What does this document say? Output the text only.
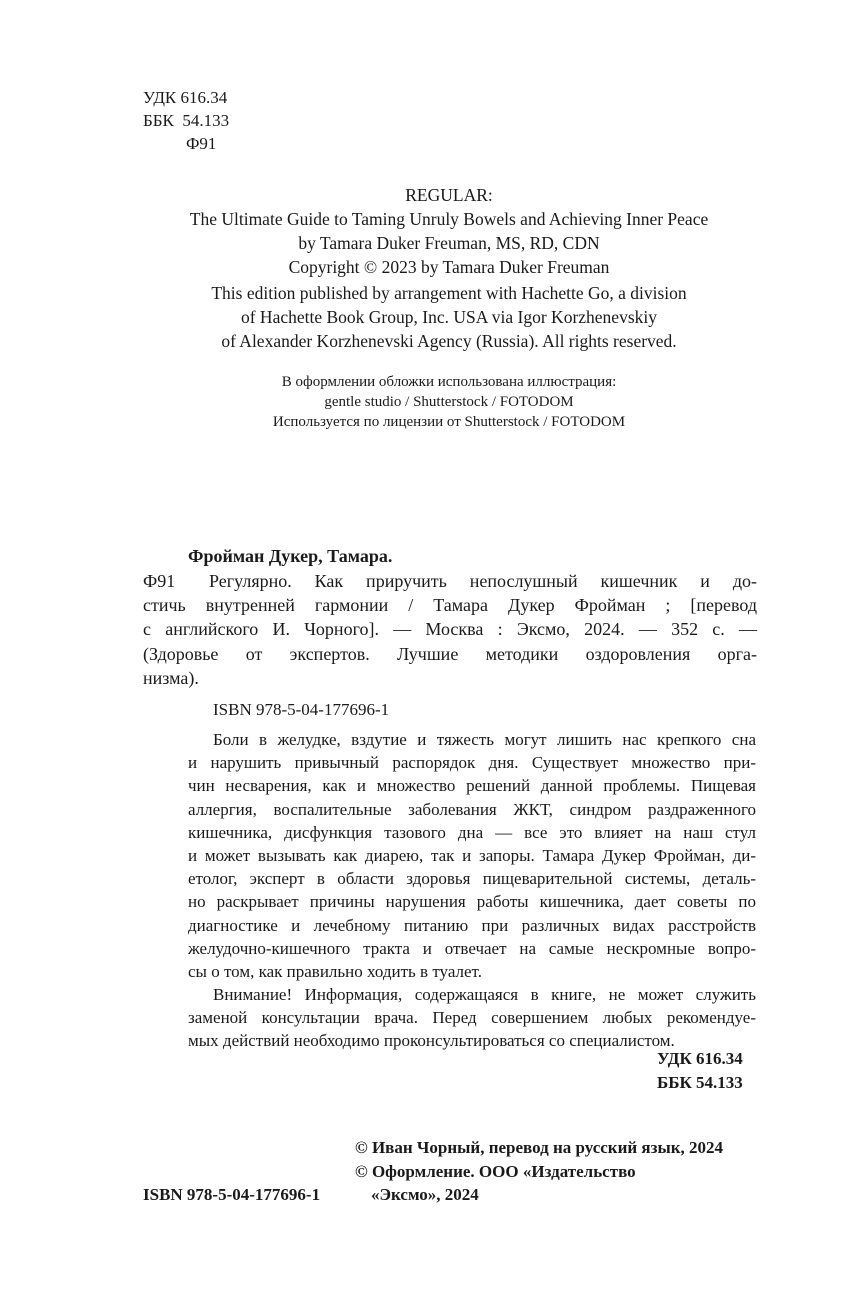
УДК 616.34
ББК  54.133
Ф91
REGULAR:
The Ultimate Guide to Taming Unruly Bowels and Achieving Inner Peace
by Tamara Duker Freuman, MS, RD, CDN
Copyright © 2023 by Tamara Duker Freuman
This edition published by arrangement with Hachette Go, a division
of Hachette Book Group, Inc. USA via Igor Korzhenevskiy
of Alexander Korzhenevski Agency (Russia). All rights reserved.
В оформлении обложки использована иллюстрация:
gentle studio / Shutterstock / FOTODOM
Используется по лицензии от Shutterstock / FOTODOM
Фройман Дукер, Тамара.
Ф91	Регулярно. Как приручить непослушный кишечник и до-
стичь внутренней гармонии / Тамара Дукер Фройман ; [перевод
с английского И. Чорного]. — Москва : Эксмо, 2024. — 352 с. —
(Здоровье от экспертов. Лучшие методики оздоровления орга-
низма).
ISBN 978-5-04-177696-1
Боли в желудке, вздутие и тяжесть могут лишить нас крепкого сна
и нарушить привычный распорядок дня. Существует множество при-
чин несварения, как и множество решений данной проблемы. Пищевая
аллергия, воспалительные заболевания ЖКТ, синдром раздраженного
кишечника, дисфункция тазового дна — все это влияет на наш стул
и может вызывать как диарею, так и запоры. Тамара Дукер Фройман, ди-
етолог, эксперт в области здоровья пищеварительной системы, деталь-
но раскрывает причины нарушения работы кишечника, дает советы по
диагностике и лечебному питанию при различных видах расстройств
желудочно-кишечного тракта и отвечает на самые нескромные вопро-
сы о том, как правильно ходить в туалет.
Внимание! Информация, содержащаяся в книге, не может служить
заменой консультации врача. Перед совершением любых рекомендуе-
мых действий необходимо проконсультироваться со специалистом.
УДК 616.34
ББК 54.133
© Иван Чорный, перевод на русский язык, 2024
© Оформление. ООО «Издательство
«Эксмо», 2024
ISBN 978-5-04-177696-1
